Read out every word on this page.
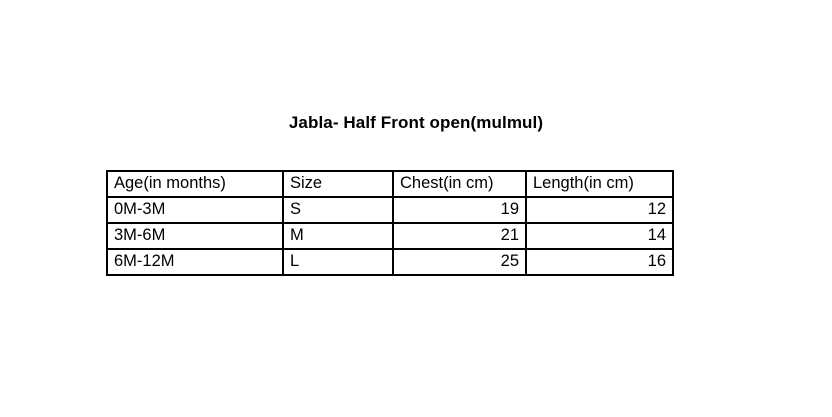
Jabla- Half Front open(mulmul)
Age(in months)	Size	Chest(in cm)	Length(in cm)
0M-3M	S	19	12
3M-6M	M	21	14
6M-12M	L	25	16
